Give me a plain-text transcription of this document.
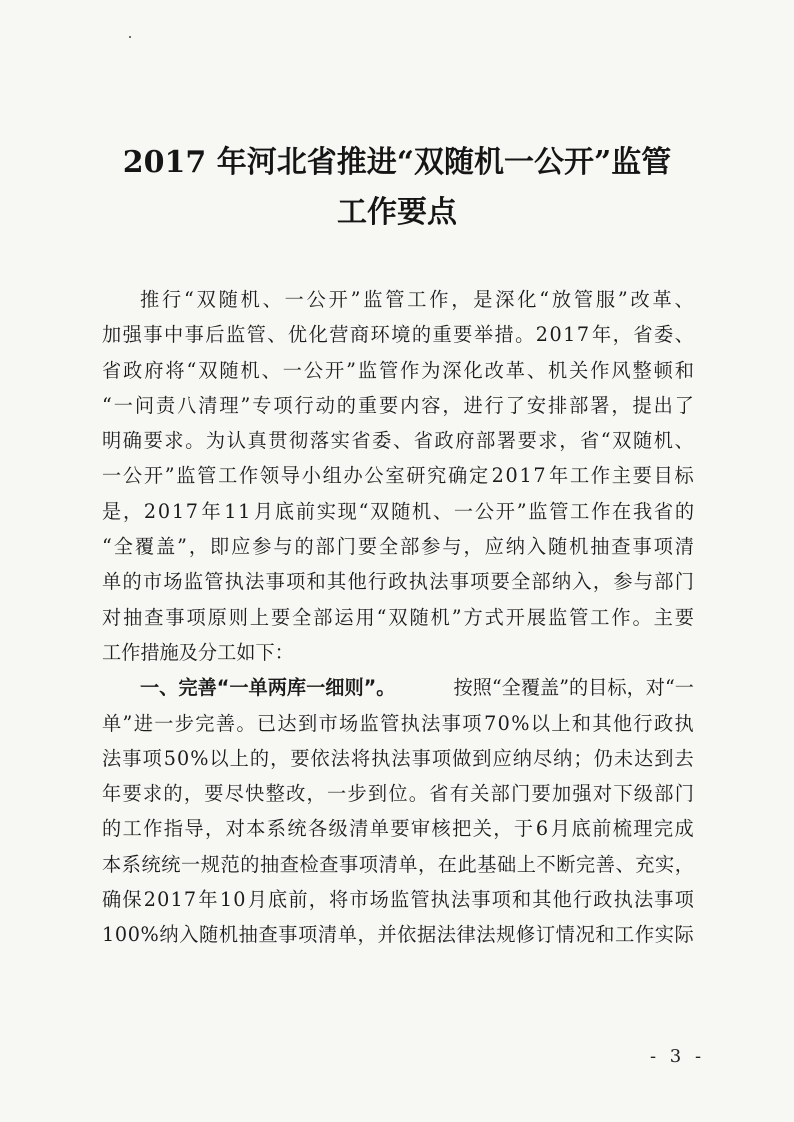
2017 年河北省推进“双随机一公开”监管
工作要点
推 行 “ 双 随 机 、 一 公 开 ” 监 管 工 作 ， 是 深 化 “ 放 管 服 ” 改 革 、
加 强 事 中 事 后 监 管 、 优 化 营 商 环 境 的 重 要 举 措 。 2 0 1 7 年 ， 省 委 、
省 政 府 将 “ 双 随 机 、 一 公 开 ” 监 管 作 为 深 化 改 革 、 机 关 作 风 整 顿 和
“ 一 问 责 八 清 理 ” 专 项 行 动 的 重 要 内 容 ， 进 行 了 安 排 部 署 ， 提 出 了
明 确 要 求 。 为 认 真 贯 彻 落 实 省 委 、 省 政 府 部 署 要 求 ， 省 “ 双 随 机 、
一 公 开 ” 监 管 工 作 领 导 小 组 办 公 室 研 究 确 定 2 0 1 7 年 工 作 主 要 目 标
是 ， 2 0 1 7 年 1 1 月 底 前 实 现 “ 双 随 机 、 一 公 开 ” 监 管 工 作 在 我 省 的
“ 全 覆 盖 ” ， 即 应 参 与 的 部 门 要 全 部 参 与 ， 应 纳 入 随 机 抽 查 事 项 清
单 的 市 场 监 管 执 法 事 项 和 其 他 行 政 执 法 事 项 要 全 部 纳 入 ， 参 与 部 门
对 抽 查 事 项 原 则 上 要 全 部 运 用 “ 双 随 机 ” 方 式 开 展 监 管 工 作 。 主 要
工作措施及分工如下：
一、完善“一单两库一细则”。	按照“全覆盖”的目标，对“一
单 ” 进 一 步 完 善 。 已 达 到 市 场 监 管 执 法 事 项 7 0 % 以 上 和 其 他 行 政 执
法 事 项 5 0 % 以 上 的 ， 要 依 法 将 执 法 事 项 做 到 应 纳 尽 纳 ； 仍 未 达 到 去
年 要 求 的 ， 要 尽 快 整 改 ， 一 步 到 位 。 省 有 关 部 门 要 加 强 对 下 级 部 门
的 工 作 指 导 ， 对 本 系 统 各 级 清 单 要 审 核 把 关 ， 于 6 月 底 前 梳 理 完 成
本 系 统 统 一 规 范 的 抽 查 检 查 事 项 清 单 ， 在 此 基 础 上 不 断 完 善 、 充 实 ，
确 保 2 0 1 7 年 1 0 月 底 前 ， 将 市 场 监 管 执 法 事 项 和 其 他 行 政 执 法 事 项
1 0 0 % 纳 入 随 机 抽 查 事 项 清 单 ， 并 依 据 法 律 法 规 修 订 情 况 和 工 作 实 际
- 3 -
